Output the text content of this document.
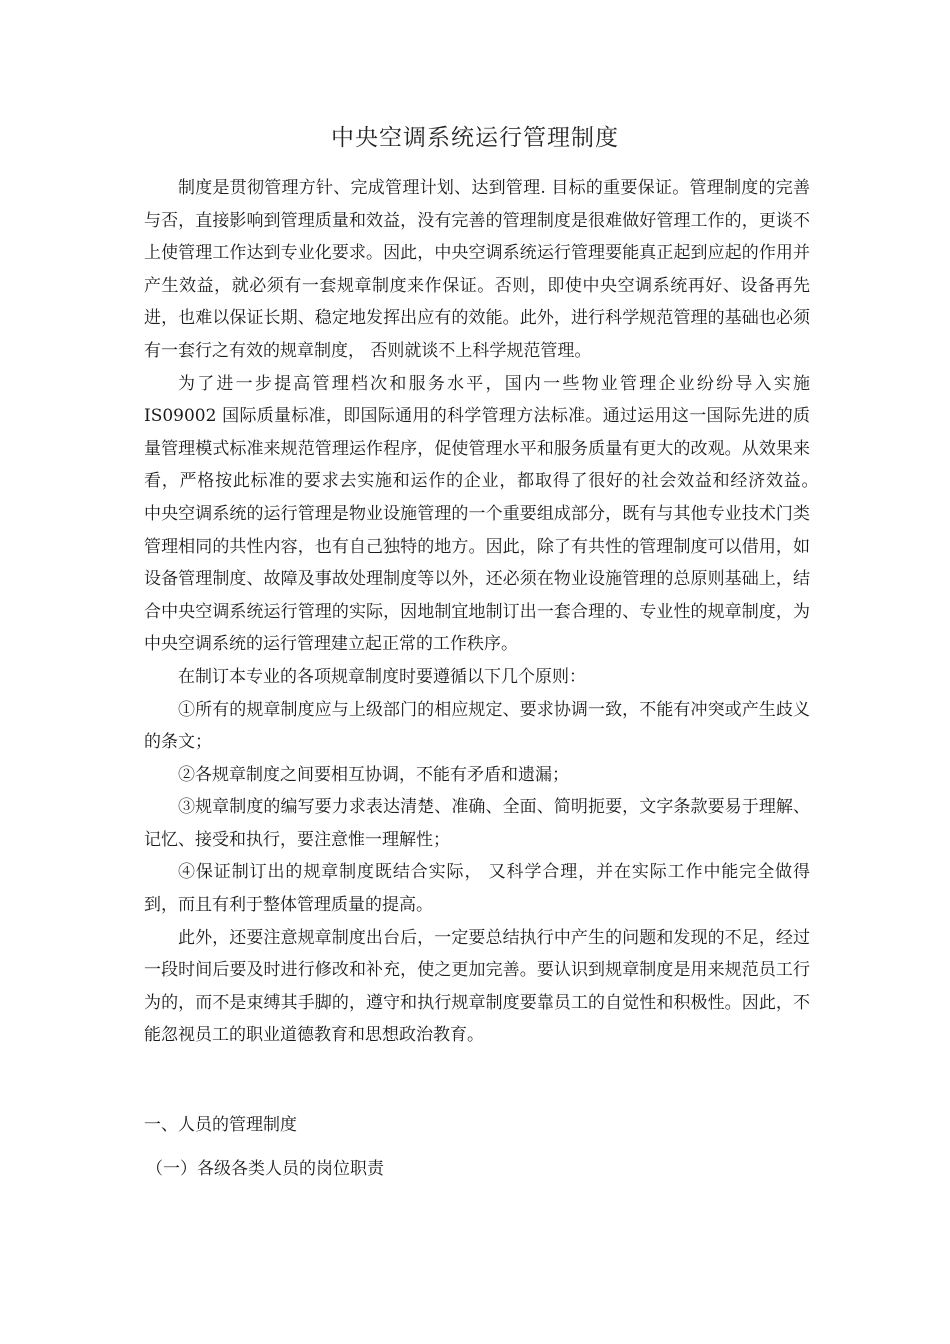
中央空调系统运行管理制度

制度是贯彻管理方针、完成管理计划、达到管理. 目标的重要保证。管理制度的完善与否，直接影响到管理质量和效益，没有完善的管理制度是很难做好管理工作的，更谈不上使管理工作达到专业化要求。因此，中央空调系统运行管理要能真正起到应起的作用并产生效益，就必须有一套规章制度来作保证。否则，即使中央空调系统再好、设备再先进，也难以保证长期、稳定地发挥出应有的效能。此外，进行科学规范管理的基础也必须有一套行之有效的规章制度， 否则就谈不上科学规范管理。

为了进一步提高管理档次和服务水平，国内一些物业管理企业纷纷导入实施 IS09002 国际质量标准，即国际通用的科学管理方法标准。通过运用这一国际先进的质量管理模式标准来规范管理运作程序，促使管理水平和服务质量有更大的改观。从效果来看，严格按此标准的要求去实施和运作的企业，都取得了很好的社会效益和经济效益。　　中央空调系统的运行管理是物业设施管理的一个重要组成部分，既有与其他专业技术门类管理相同的共性内容，也有自己独特的地方。因此，除了有共性的管理制度可以借用，如设备管理制度、故障及事故处理制度等以外，还必须在物业设施管理的总原则基础上，结合中央空调系统运行管理的实际，因地制宜地制订出一套合理的、专业性的规章制度，为中央空调系统的运行管理建立起正常的工作秩序。

在制订本专业的各项规章制度时要遵循以下几个原则：

①所有的规章制度应与上级部门的相应规定、要求协调一致，不能有冲突或产生歧义的条文；

②各规章制度之间要相互协调，不能有矛盾和遗漏；

③规章制度的编写要力求表达清楚、准确、全面、简明扼要，文字条款要易于理解、记忆、接受和执行，要注意惟一理解性；

④保证制订出的规章制度既结合实际， 又科学合理，并在实际工作中能完全做得到，而且有利于整体管理质量的提高。

此外，还要注意规章制度出台后，一定要总结执行中产生的问题和发现的不足，经过一段时间后要及时进行修改和补充，使之更加完善。要认识到规章制度是用来规范员工行为的，而不是束缚其手脚的，遵守和执行规章制度要靠员工的自觉性和积极性。因此，不能忽视员工的职业道德教育和思想政治教育。

一、人员的管理制度
（一）各级各类人员的岗位职责
